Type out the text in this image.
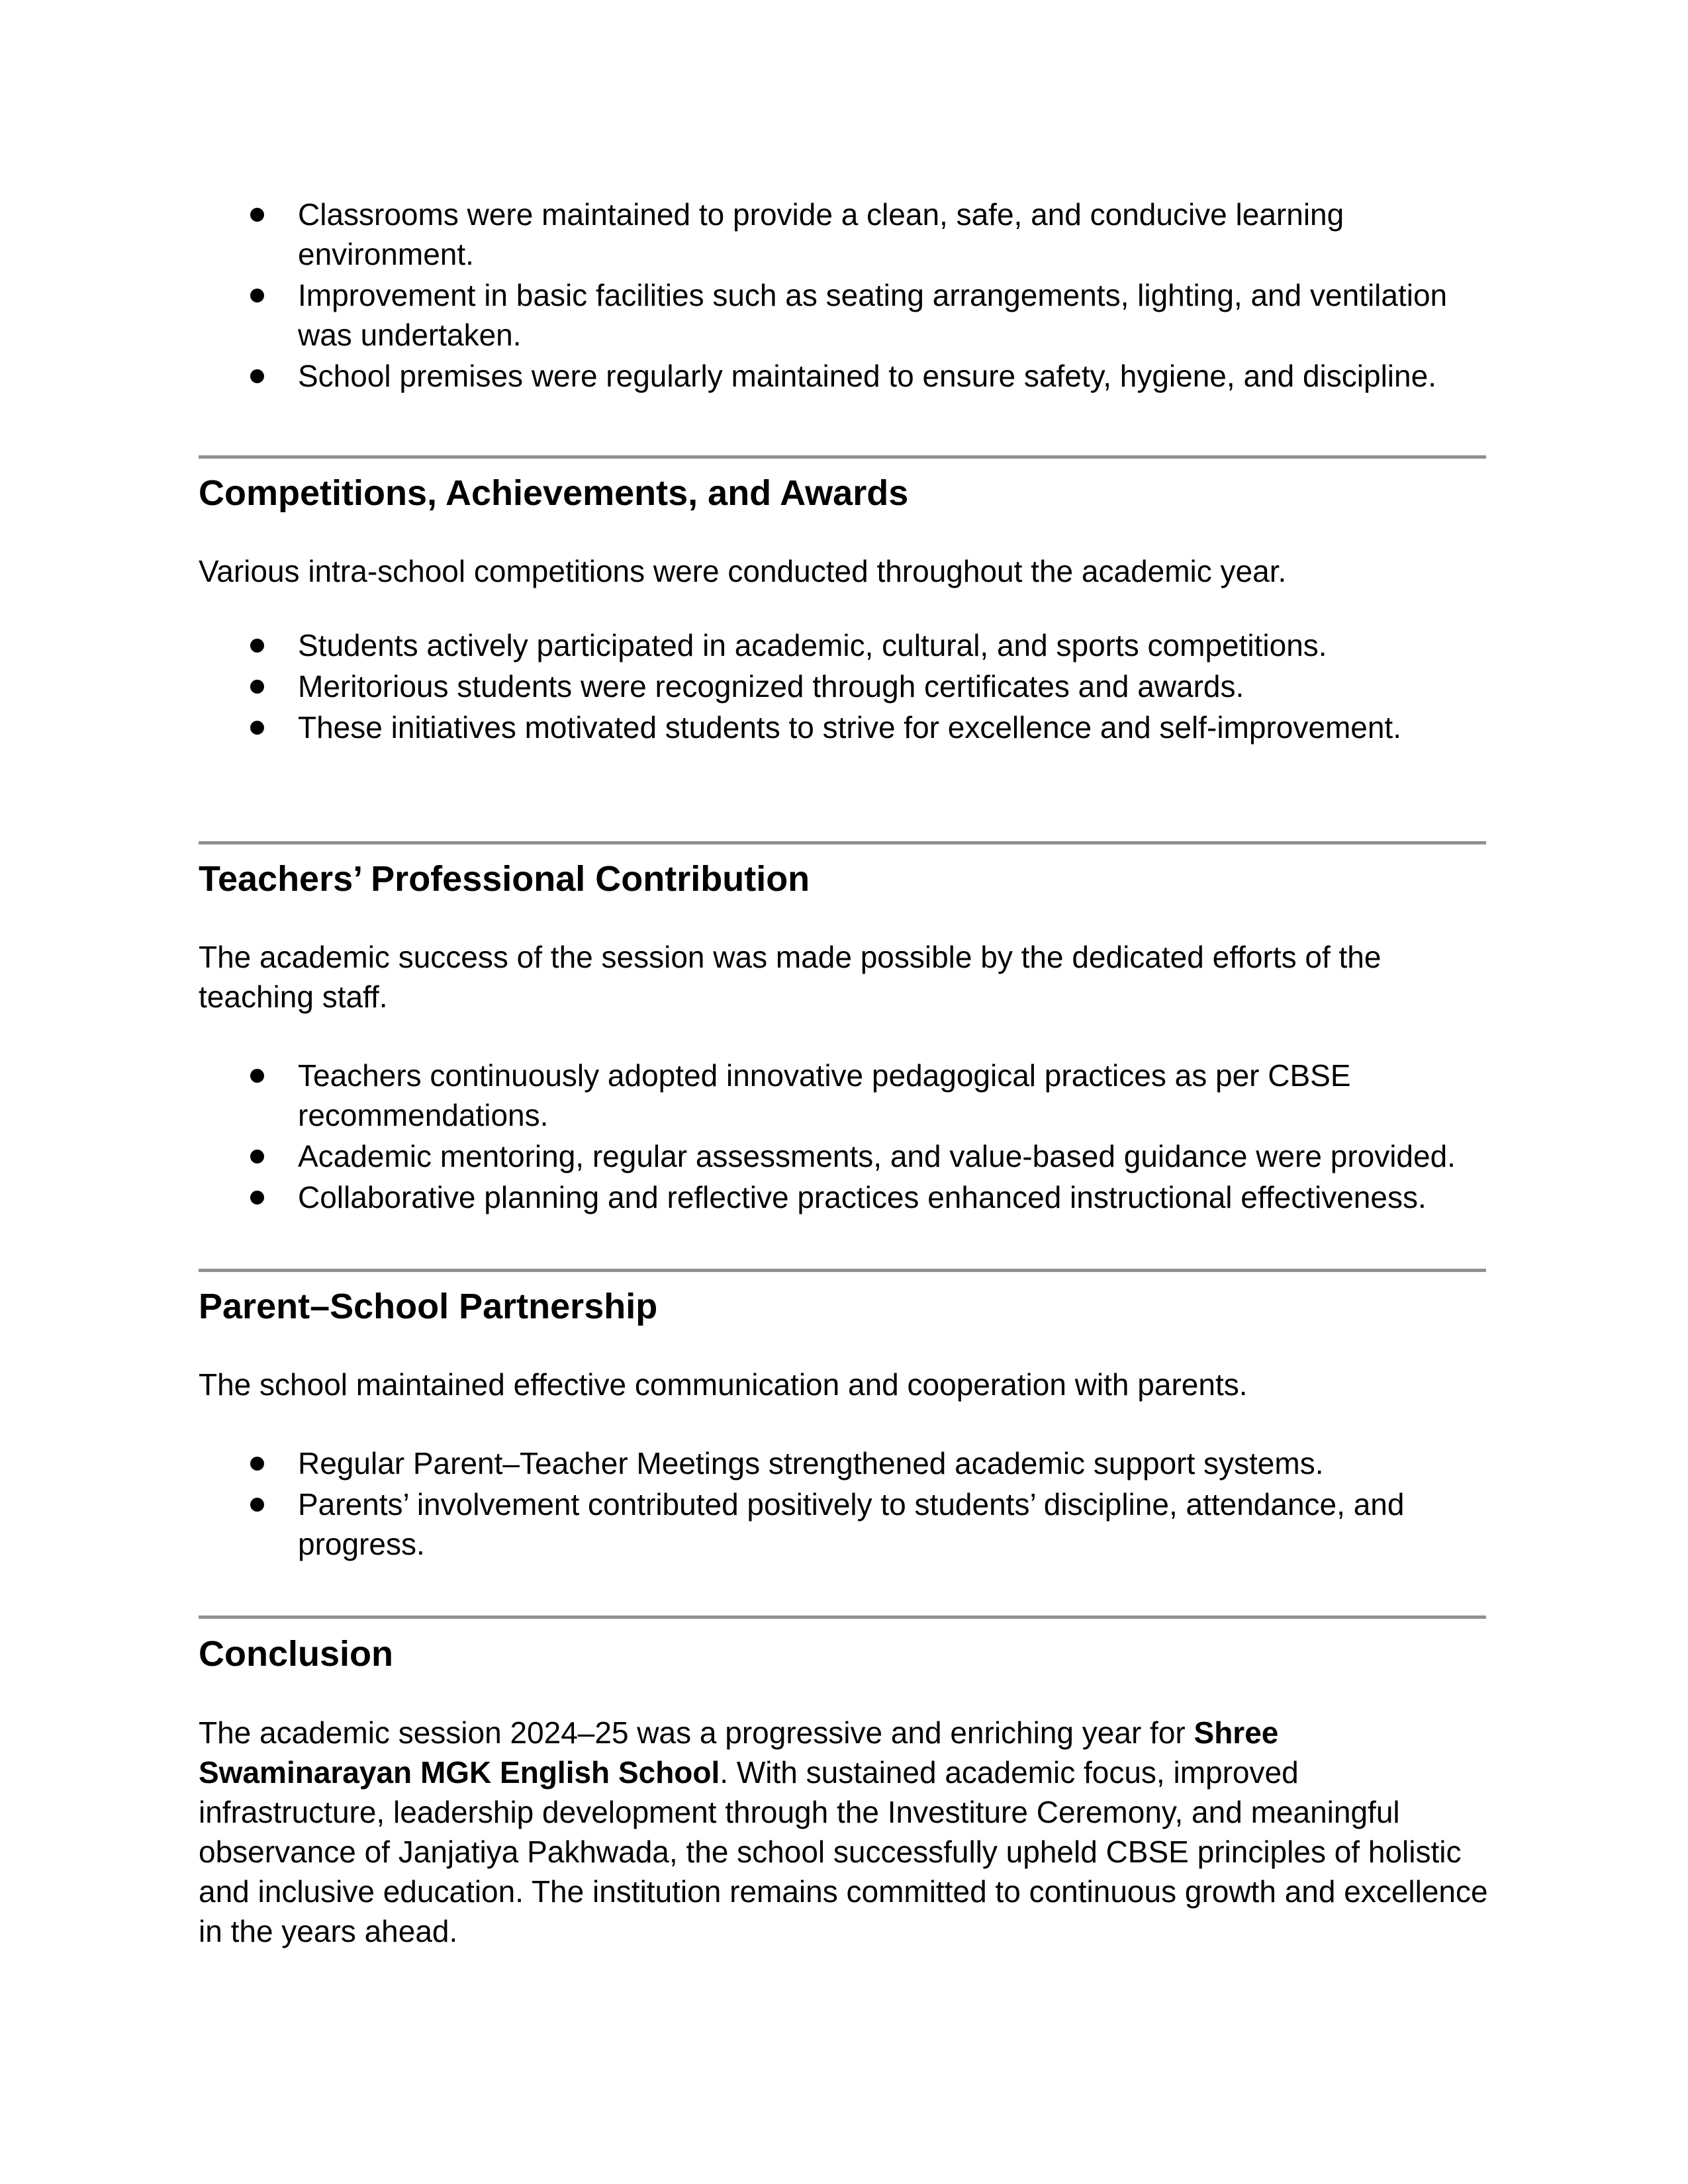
Classrooms were maintained to provide a clean, safe, and conducive learning environment.
Improvement in basic facilities such as seating arrangements, lighting, and ventilation was undertaken.
School premises were regularly maintained to ensure safety, hygiene, and discipline.
Competitions, Achievements, and Awards
Various intra-school competitions were conducted throughout the academic year.
Students actively participated in academic, cultural, and sports competitions.
Meritorious students were recognized through certificates and awards.
These initiatives motivated students to strive for excellence and self-improvement.
Teachers’ Professional Contribution
The academic success of the session was made possible by the dedicated efforts of the teaching staff.
Teachers continuously adopted innovative pedagogical practices as per CBSE recommendations.
Academic mentoring, regular assessments, and value-based guidance were provided.
Collaborative planning and reflective practices enhanced instructional effectiveness.
Parent–School Partnership
The school maintained effective communication and cooperation with parents.
Regular Parent–Teacher Meetings strengthened academic support systems.
Parents’ involvement contributed positively to students’ discipline, attendance, and progress.
Conclusion
The academic session 2024–25 was a progressive and enriching year for Shree Swaminarayan MGK English School. With sustained academic focus, improved infrastructure, leadership development through the Investiture Ceremony, and meaningful observance of Janjatiya Pakhwada, the school successfully upheld CBSE principles of holistic and inclusive education. The institution remains committed to continuous growth and excellence in the years ahead.
